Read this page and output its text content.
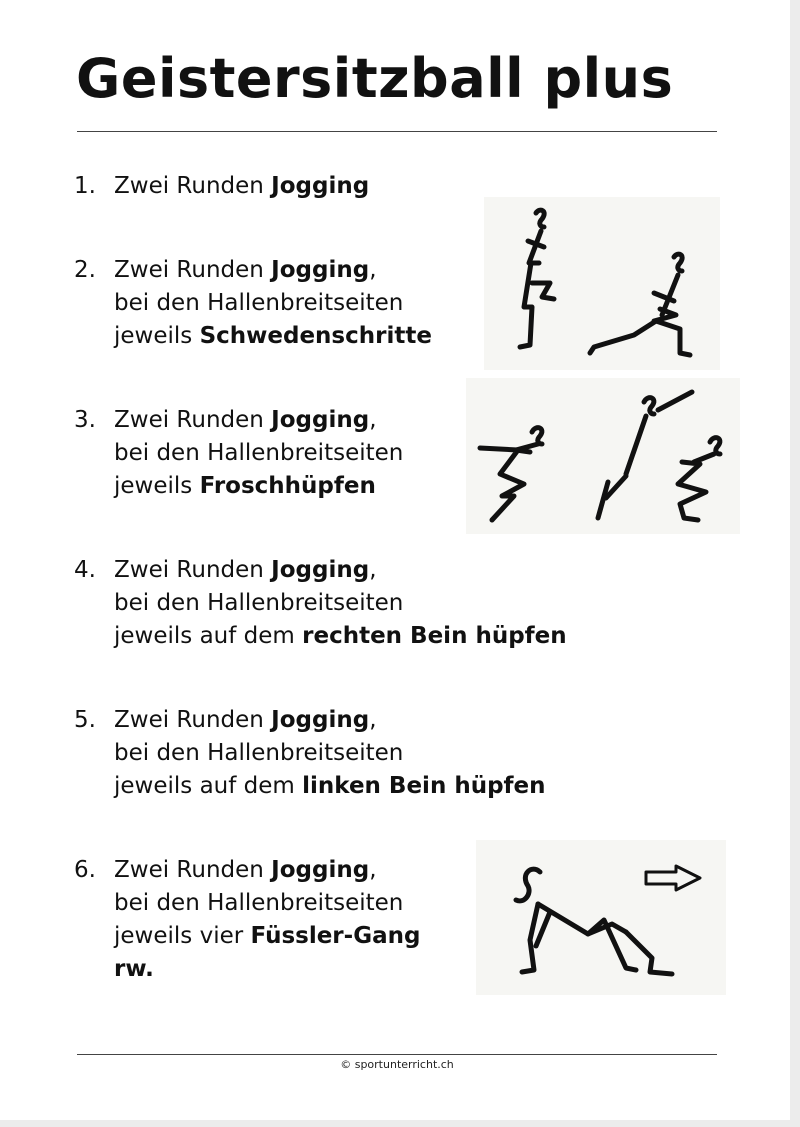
Geistersitzball plus
1. Zwei Runden Jogging
2. Zwei Runden Jogging,
bei den Hallenbreitseiten
jeweils Schwedenschritte
3. Zwei Runden Jogging,
bei den Hallenbreitseiten
jeweils Froschhüpfen
4. Zwei Runden Jogging,
bei den Hallenbreitseiten
jeweils auf dem rechten Bein hüpfen
5. Zwei Runden Jogging,
bei den Hallenbreitseiten
jeweils auf dem linken Bein hüpfen
6. Zwei Runden Jogging,
bei den Hallenbreitseiten
jeweils vier Füssler-Gang
rw.
© sportunterricht.ch
